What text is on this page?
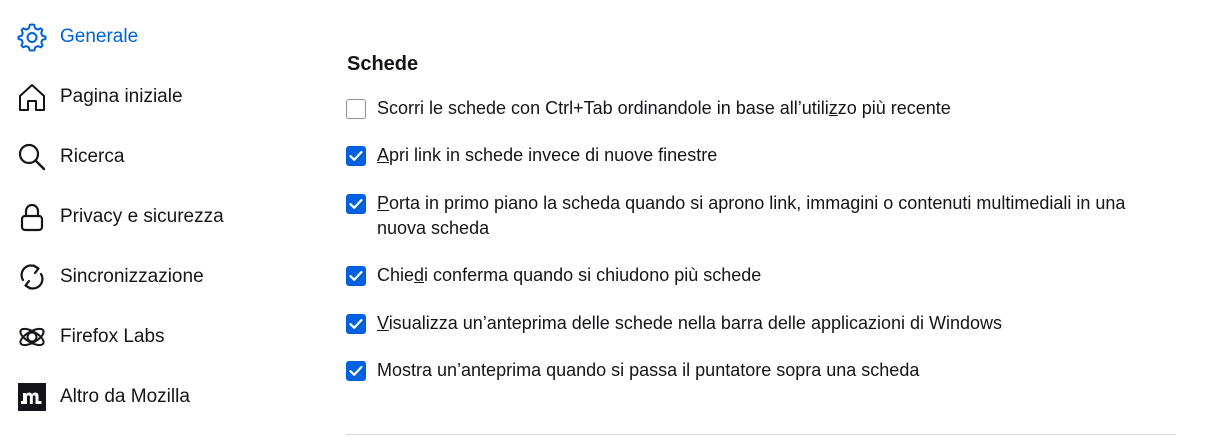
Generale
Pagina iniziale
Ricerca
Privacy e sicurezza
Sincronizzazione
Firefox Labs
Altro da Mozilla
Schede
Scorri le schede con Ctrl+Tab ordinandole in base all’utilizzo più recente
Apri link in schede invece di nuove finestre
Porta in primo piano la scheda quando si aprono link, immagini o contenuti multimediali in una nuova scheda
Chiedi conferma quando si chiudono più schede
Visualizza un’anteprima delle schede nella barra delle applicazioni di Windows
Mostra un’anteprima quando si passa il puntatore sopra una scheda
